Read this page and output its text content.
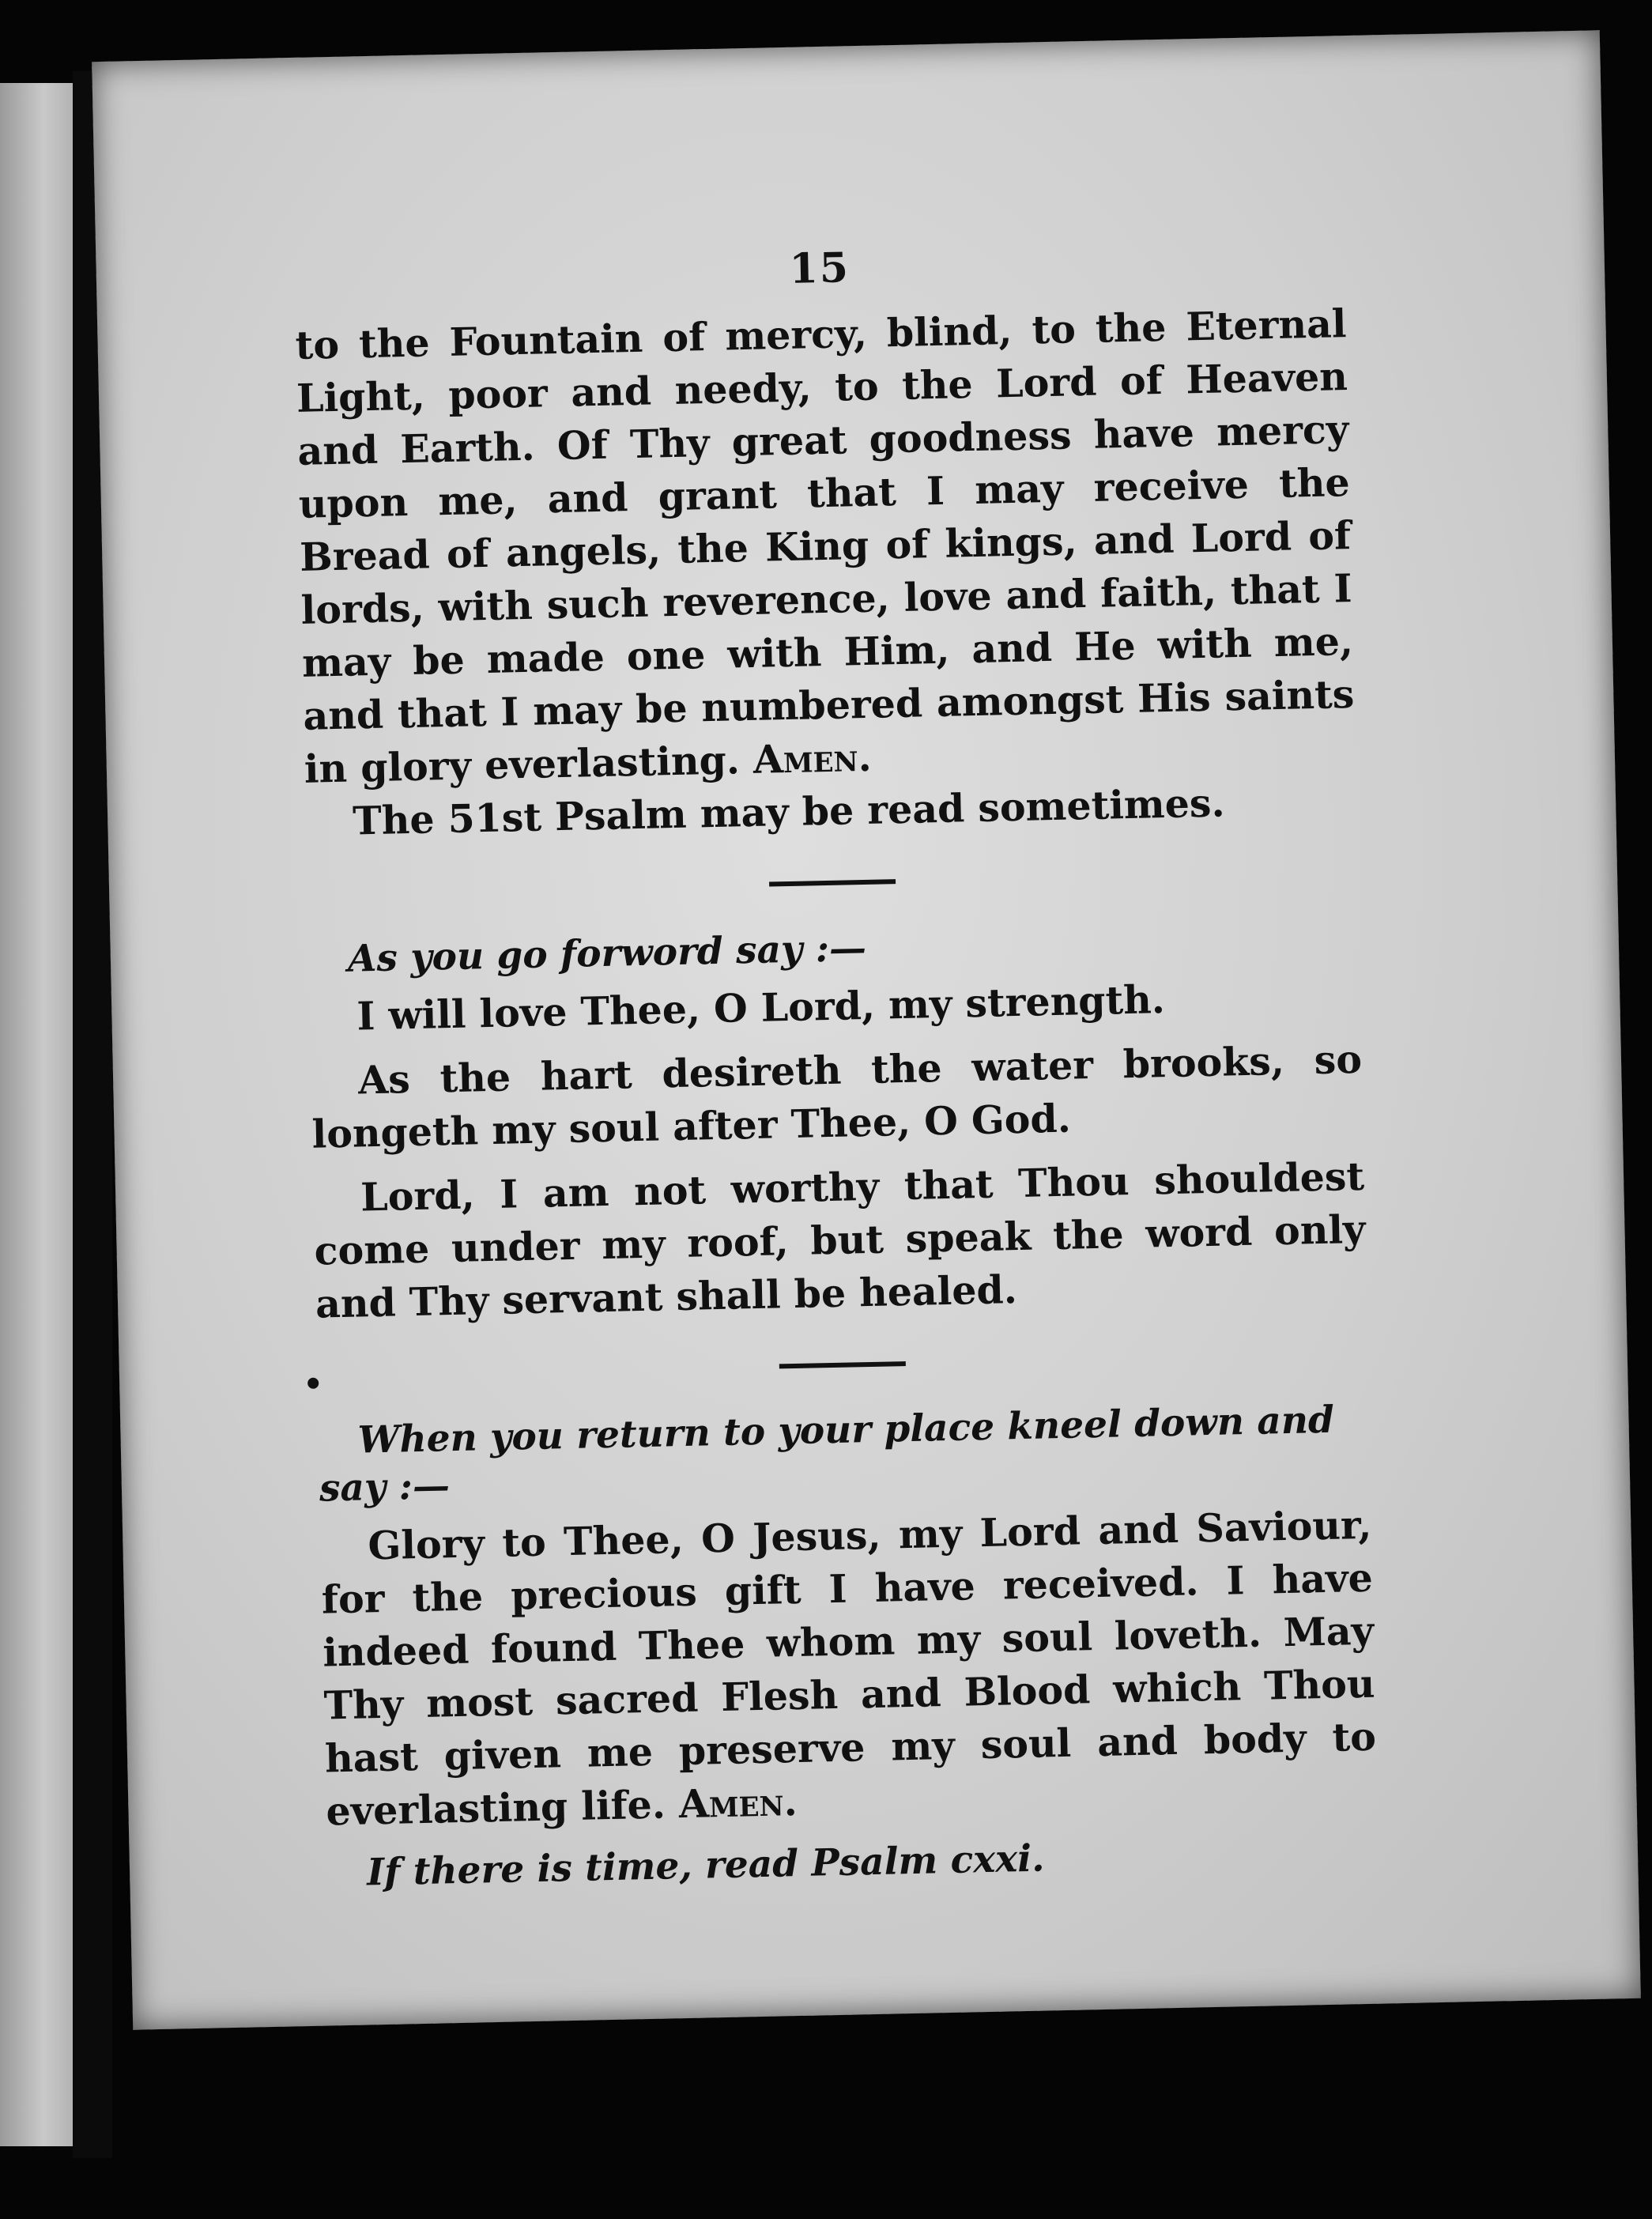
15

to the Fountain of mercy, blind, to the Eternal Light, poor and needy, to the Lord of Heaven and Earth. Of Thy great goodness have mercy upon me, and grant that I may receive the Bread of angels, the King of kings, and Lord of lords, with such reverence, love and faith, that I may be made one with Him, and He with me, and that I may be numbered amongst His saints in glory everlasting. Amen.

The 51st Psalm may be read sometimes.

As you go forword say :—

I will love Thee, O Lord, my strength.

As the hart desireth the water brooks, so longeth my soul after Thee, O God.

Lord, I am not worthy that Thou shouldest come under my roof, but speak the word only and Thy servant shall be healed.

When you return to your place kneel down and say :—

Glory to Thee, O Jesus, my Lord and Saviour, for the precious gift I have received. I have indeed found Thee whom my soul loveth. May Thy most sacred Flesh and Blood which Thou hast given me preserve my soul and body to everlasting life. Amen.

If there is time, read Psalm cxxi.
